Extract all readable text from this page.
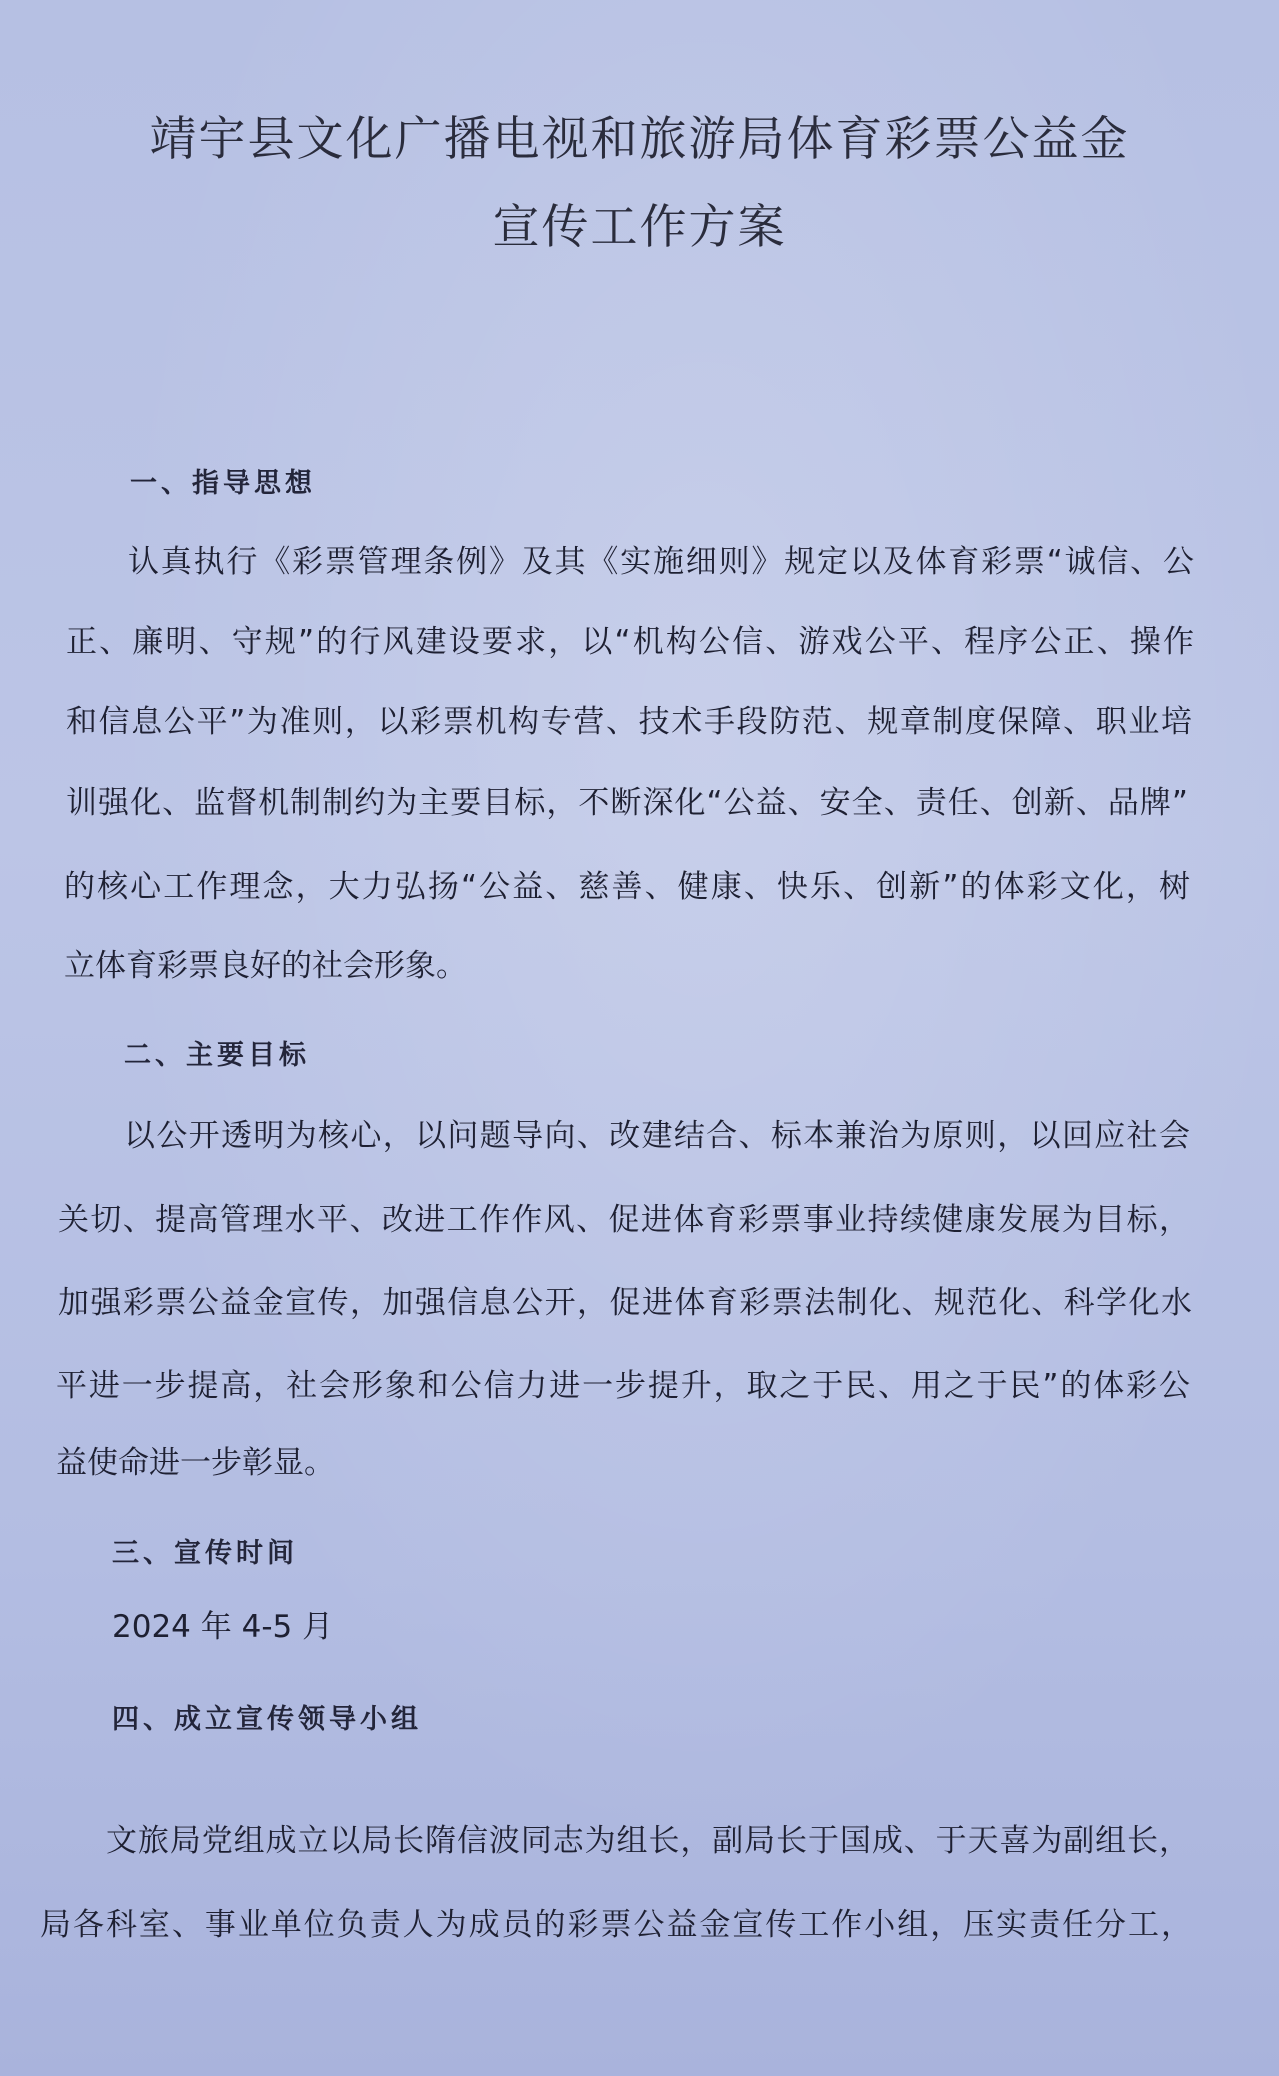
靖宇县文化广播电视和旅游局体育彩票公益金
宣传工作方案
一、指导思想
认真执行《彩票管理条例》及其《实施细则》规定以及体育彩票“诚信、公
正、廉明、守规”的行风建设要求，以“机构公信、游戏公平、程序公正、操作
和信息公平”为准则，以彩票机构专营、技术手段防范、规章制度保障、职业培
训强化、监督机制制约为主要目标，不断深化“公益、安全、责任、创新、品牌”
的核心工作理念，大力弘扬“公益、慈善、健康、快乐、创新”的体彩文化，树
立体育彩票良好的社会形象。
二、主要目标
以公开透明为核心，以问题导向、改建结合、标本兼治为原则，以回应社会
关切、提高管理水平、改进工作作风、促进体育彩票事业持续健康发展为目标，
加强彩票公益金宣传，加强信息公开，促进体育彩票法制化、规范化、科学化水
平进一步提高，社会形象和公信力进一步提升，取之于民、用之于民”的体彩公
益使命进一步彰显。
三、宣传时间
2024 年 4-5 月
四、成立宣传领导小组
文旅局党组成立以局长隋信波同志为组长，副局长于国成、于天喜为副组长，
局各科室、事业单位负责人为成员的彩票公益金宣传工作小组，压实责任分工，
